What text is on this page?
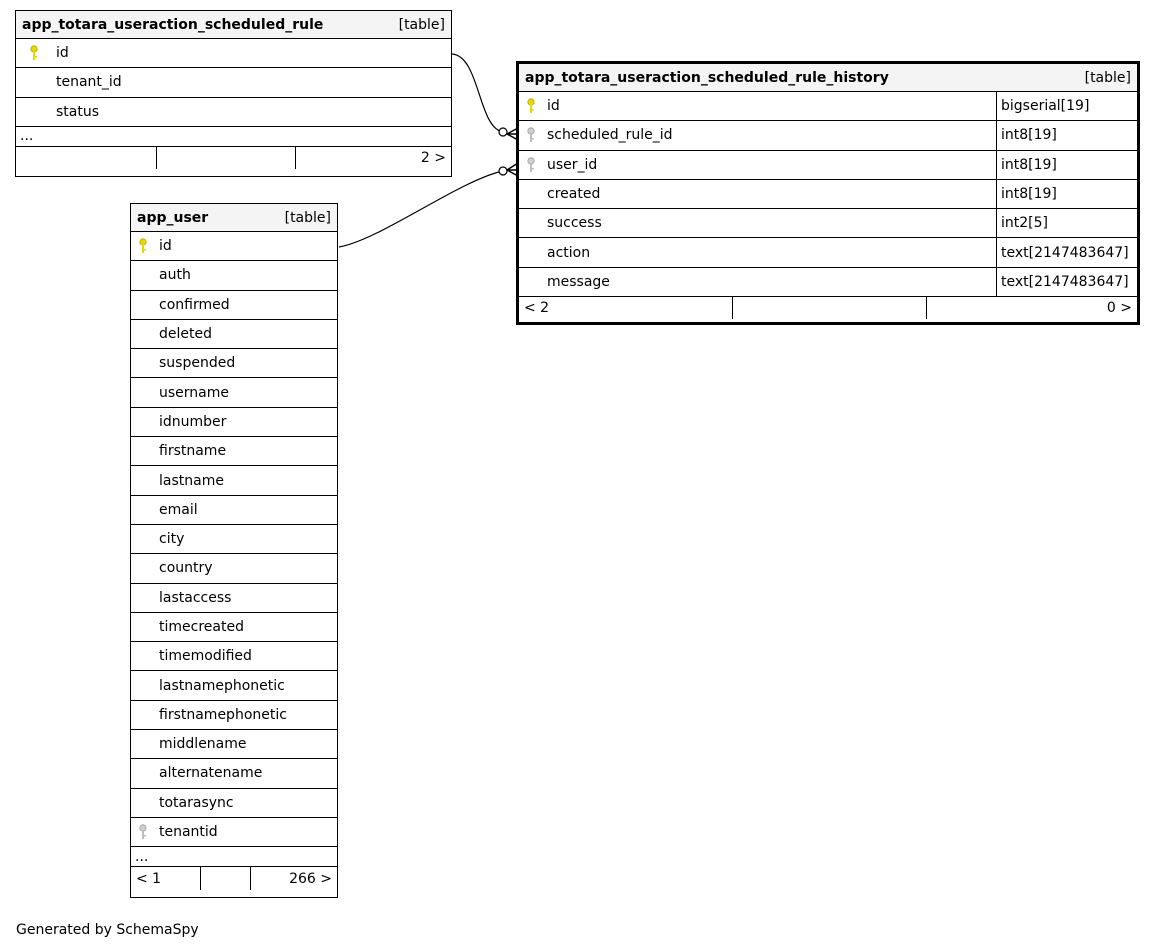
app_totara_useraction_scheduled_rule	[table]
id
tenant_id
status
...
2 >
app_totara_useraction_scheduled_rule_history	[table]
id	bigserial[19]
scheduled_rule_id	int8[19]
user_id	int8[19]
created	int8[19]
success	int2[5]
action	text[2147483647]
message	text[2147483647]
< 2	0 >
app_user	[table]
id
auth
confirmed
deleted
suspended
username
idnumber
firstname
lastname
email
city
country
lastaccess
timecreated
timemodified
lastnamephonetic
firstnamephonetic
middlename
alternatename
totarasync
tenantid
...
< 1	266 >
Generated by SchemaSpy
